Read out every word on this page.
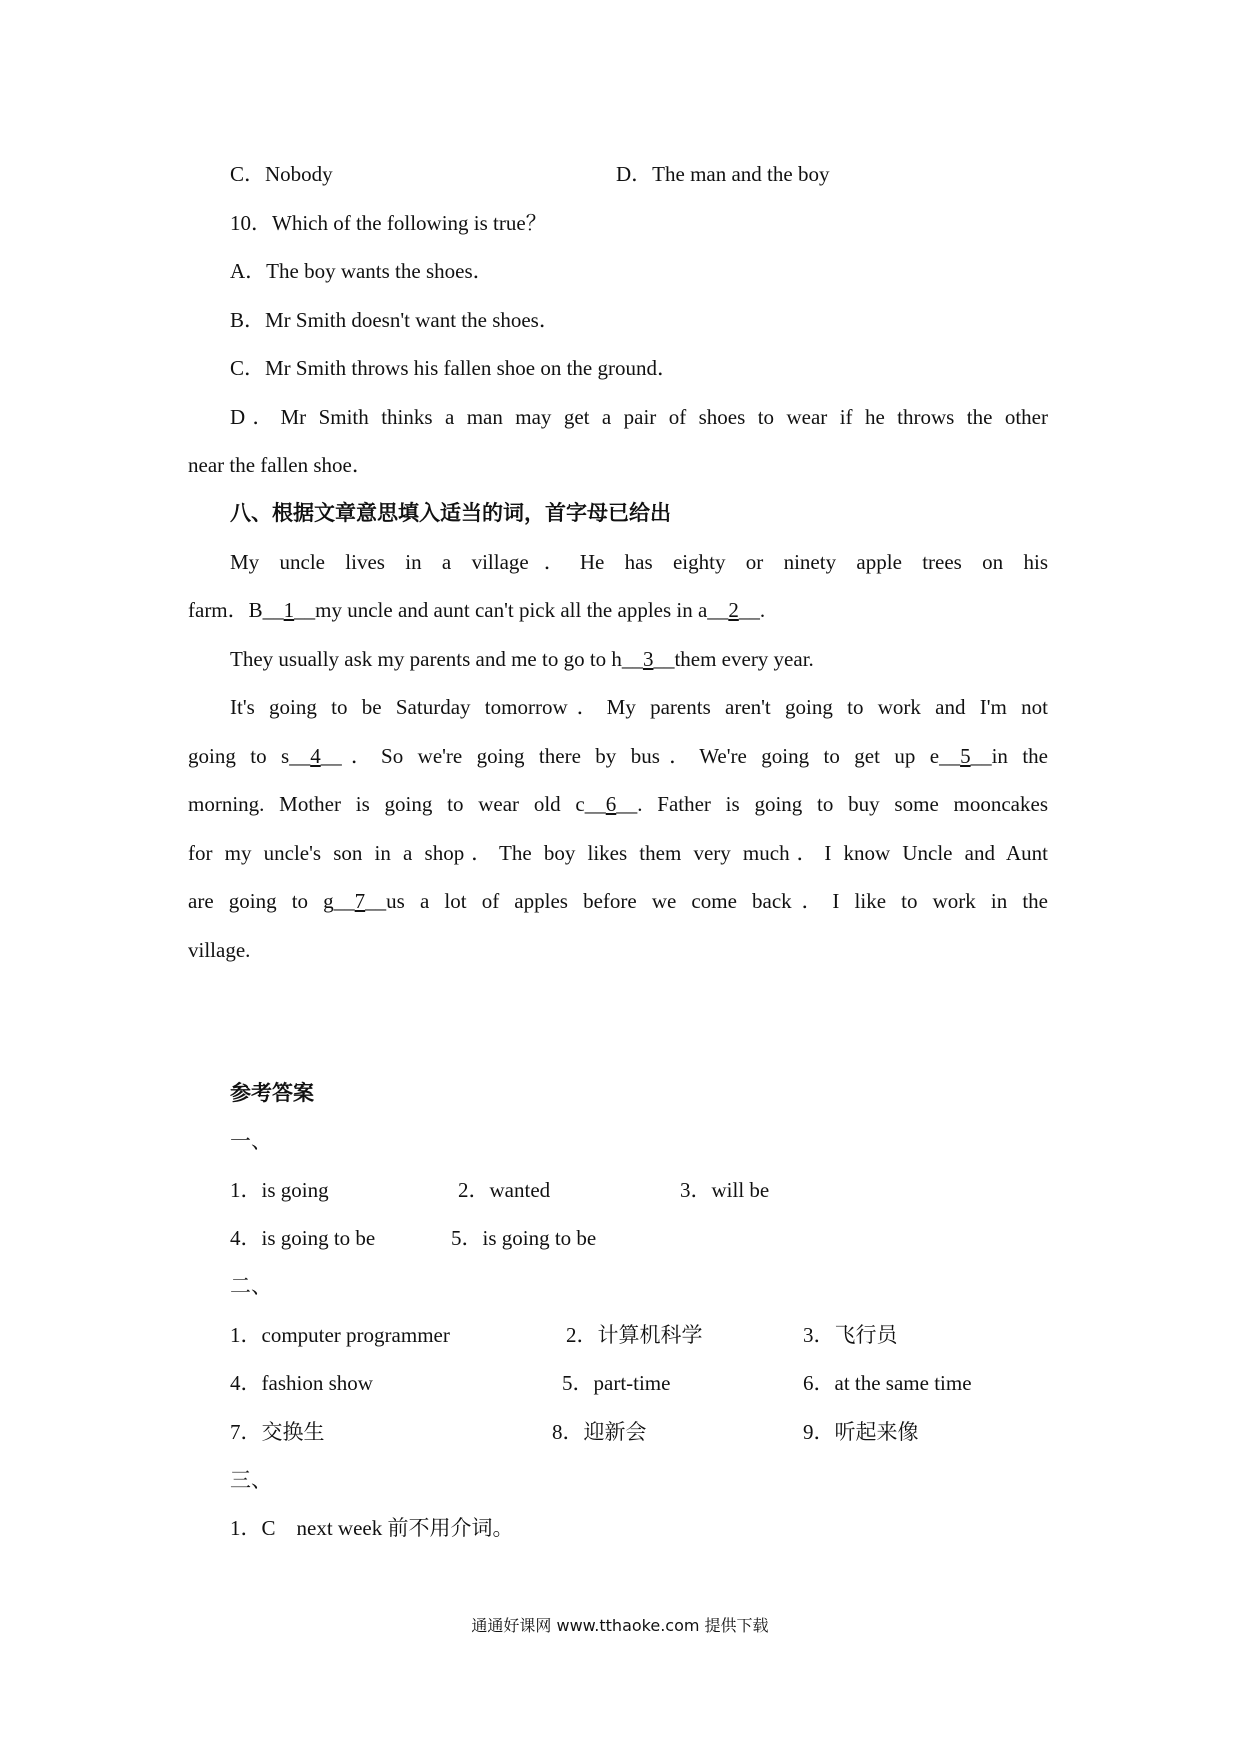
C．Nobody	D．The man and the boy
10．Which of the following is true？
A．The boy wants the shoes．
B．Mr Smith doesn't want the shoes．
C．Mr Smith throws his fallen shoe on the ground．
D．Mr Smith thinks a man may get a pair of shoes to wear if he throws the other
near the fallen shoe．
八、根据文章意思填入适当的词，首字母已给出
My uncle lives in a village．He has eighty or ninety apple trees on his
farm．B__1__my uncle and aunt can't pick all the apples in a__2__.
They usually ask my parents and me to go to h__3__them every year.
It's going to be Saturday tomorrow．My parents aren't going to work and I'm not
going to s__4__．So we're going there by bus．We're going to get up e__5__in the
morning. Mother is going to wear old c__6__. Father is going to buy some mooncakes
for my uncle's son in a shop．The boy likes them very much．I know Uncle and Aunt
are going to g__7__us a lot of apples before we come back．I like to work in the
village.
参考答案
一、
1．is going	2．wanted	3．will be
4．is going to be	5．is going to be
二、
1．computer programmer	2．计算机科学	3．飞行员
4．fashion show	5．part-time	6．at the same time
7．交换生	8．迎新会	9．听起来像
三、
1．C　next week 前不用介词。
通通好课网 www.tthaoke.com 提供下载
